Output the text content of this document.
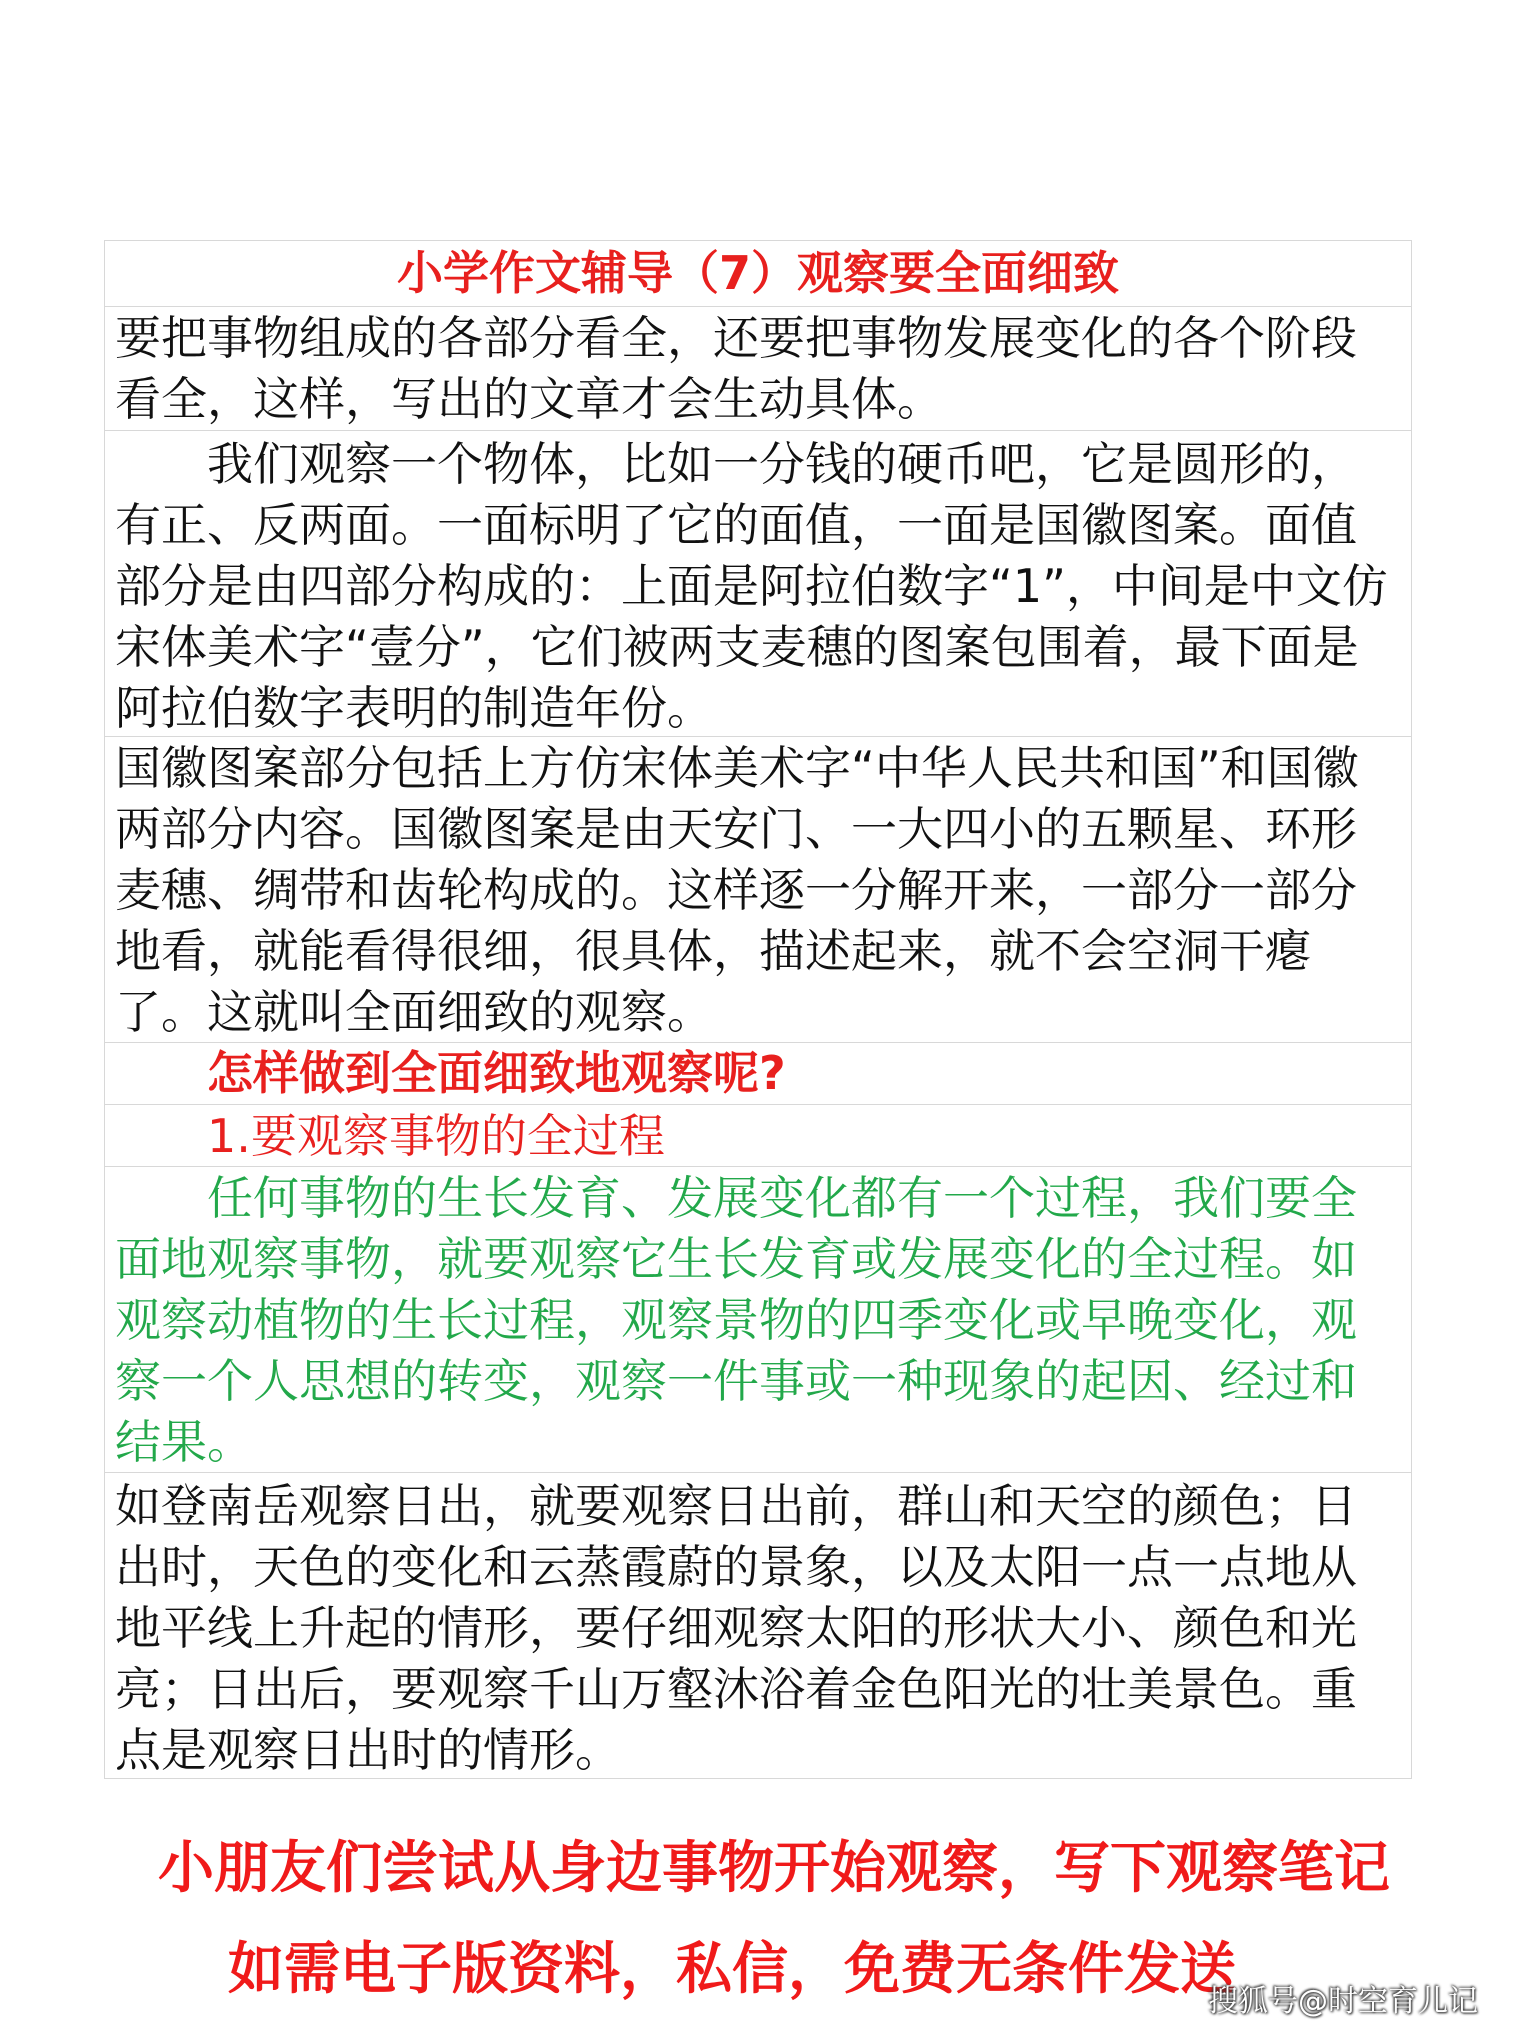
小学作文辅导（7）观察要全面细致
要把事物组成的各部分看全，还要把事物发展变化的各个阶段看全，这样，写出的文章才会生动具体。
我们观察一个物体，比如一分钱的硬币吧，它是圆形的，有正、反两面。一面标明了它的面值，一面是国徽图案。面值部分是由四部分构成的：上面是阿拉伯数字“1”，中间是中文仿宋体美术字“壹分”，它们被两支麦穗的图案包围着，最下面是阿拉伯数字表明的制造年份。
国徽图案部分包括上方仿宋体美术字“中华人民共和国”和国徽两部分内容。国徽图案是由天安门、一大四小的五颗星、环形麦穗、绸带和齿轮构成的。这样逐一分解开来，一部分一部分地看，就能看得很细，很具体，描述起来，就不会空洞干瘪了。这就叫全面细致的观察。
怎样做到全面细致地观察呢?
1.要观察事物的全过程
任何事物的生长发育、发展变化都有一个过程，我们要全面地观察事物，就要观察它生长发育或发展变化的全过程。如观察动植物的生长过程，观察景物的四季变化或早晚变化，观察一个人思想的转变，观察一件事或一种现象的起因、经过和结果。
如登南岳观察日出，就要观察日出前，群山和天空的颜色；日出时，天色的变化和云蒸霞蔚的景象，以及太阳一点一点地从地平线上升起的情形，要仔细观察太阳的形状大小、颜色和光亮；日出后，要观察千山万壑沐浴着金色阳光的壮美景色。重点是观察日出时的情形。
小朋友们尝试从身边事物开始观察，写下观察笔记
如需电子版资料，私信，免费无条件发送
搜狐号@时空育儿记
